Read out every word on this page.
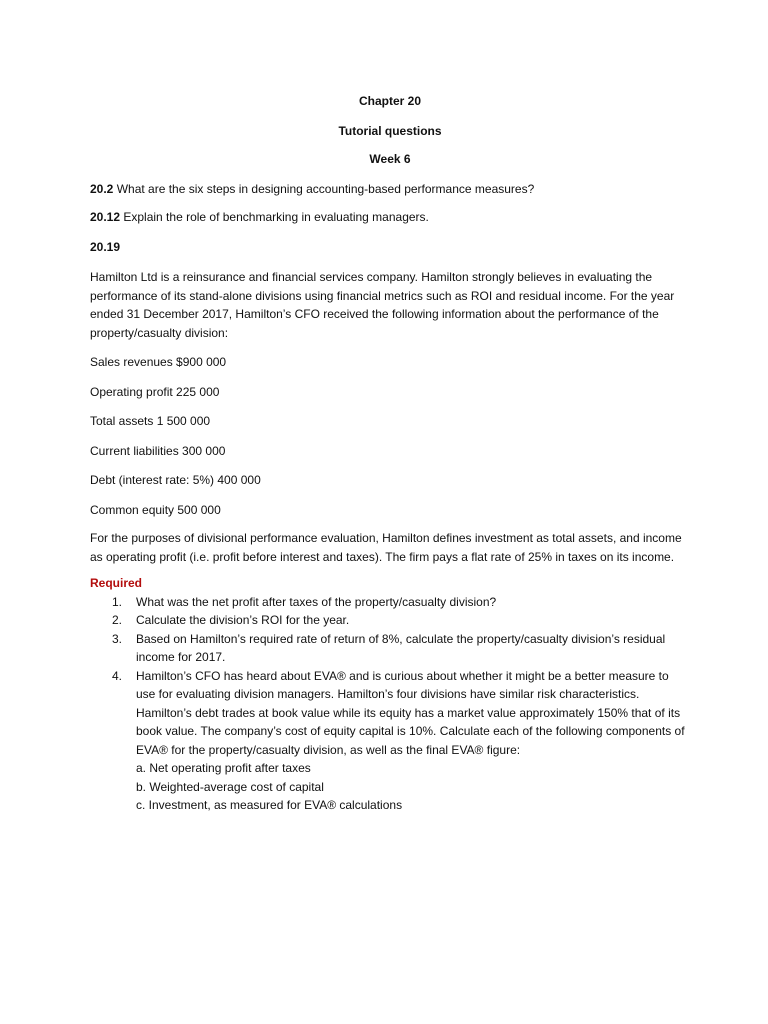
Chapter 20

Tutorial questions

Week 6

20.2 What are the six steps in designing accounting-based performance measures?

20.12 Explain the role of benchmarking in evaluating managers.

20.19

Hamilton Ltd is a reinsurance and financial services company. Hamilton strongly believes in evaluating the performance of its stand-alone divisions using financial metrics such as ROI and residual income. For the year ended 31 December 2017, Hamilton’s CFO received the following information about the performance of the property/casualty division:

Sales revenues $900 000

Operating profit 225 000

Total assets 1 500 000

Current liabilities 300 000

Debt (interest rate: 5%) 400 000

Common equity 500 000

For the purposes of divisional performance evaluation, Hamilton defines investment as total assets, and income as operating profit (i.e. profit before interest and taxes). The firm pays a flat rate of 25% in taxes on its income.

Required

1. What was the net profit after taxes of the property/casualty division?
2. Calculate the division’s ROI for the year.
3. Based on Hamilton’s required rate of return of 8%, calculate the property/casualty division’s residual income for 2017.
4. Hamilton’s CFO has heard about EVA® and is curious about whether it might be a better measure to use for evaluating division managers. Hamilton’s four divisions have similar risk characteristics. Hamilton’s debt trades at book value while its equity has a market value approximately 150% that of its book value. The company’s cost of equity capital is 10%. Calculate each of the following components of EVA® for the property/casualty division, as well as the final EVA® figure:
a. Net operating profit after taxes
b. Weighted-average cost of capital
c. Investment, as measured for EVA® calculations
